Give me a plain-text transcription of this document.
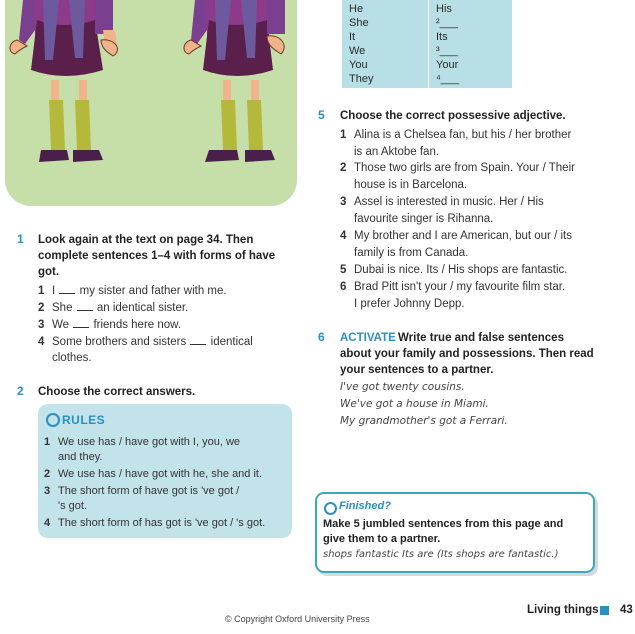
He	His
She	²___
It	Its
We	³___
You	Your
They	⁴___
1 Look again at the text on page 34. Then
complete sentences 1–4 with forms of have
got.
1 I my sister and father with me.
2 She an identical sister.
3 We friends here now.
4 Some brothers and sisters identical
clothes.
2 Choose the correct answers.
RULES
1 We use has / have got with I, you, we
and they.
2 We use has / have got with he, she and it.
3 The short form of have got is 've got /
's got.
4 The short form of has got is 've got / 's got.
5 Choose the correct possessive adjective.
1 Alina is a Chelsea fan, but his / her brother
is an Aktobe fan.
2 Those two girls are from Spain. Your / Their
house is in Barcelona.
3 Assel is interested in music. Her / His
favourite singer is Rihanna.
4 My brother and I are American, but our / its
family is from Canada.
5 Dubai is nice. Its / His shops are fantastic.
6 Brad Pitt isn't your / my favourite film star.
I prefer Johnny Depp.
6 ACTIVATE Write true and false sentences
about your family and possessions. Then read
your sentences to a partner.
I've got twenty cousins.
We've got a house in Miami.
My grandmother's got a Ferrari.
Finished?
Make 5 jumbled sentences from this page and
give them to a partner.
shops fantastic Its are (Its shops are fantastic.)
© Copyright Oxford University Press
Living things 43
